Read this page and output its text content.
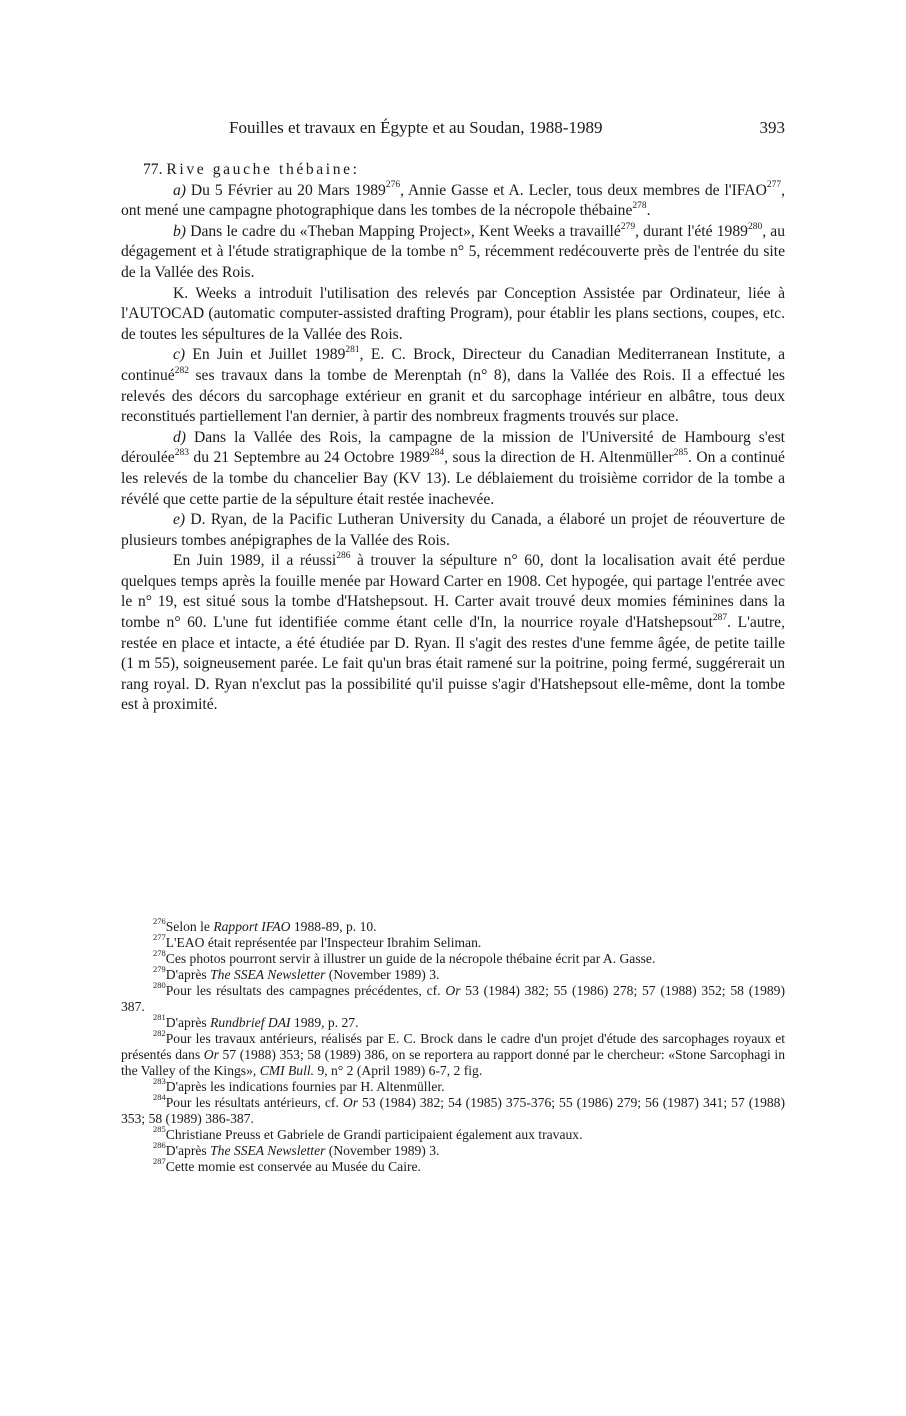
Fouilles et travaux en Égypte et au Soudan, 1988-1989	393

77. Rive gauche thébaine:

a) Du 5 Février au 20 Mars 1989$^{276}$, Annie Gasse et A. Lecler, tous deux membres de l'IFAO$^{277}$, ont mené une campagne photographique dans les tombes de la nécropole thébaine$^{278}$.

b) Dans le cadre du «Theban Mapping Project», Kent Weeks a travaillé$^{279}$, durant l'été 1989$^{280}$, au dégagement et à l'étude stratigraphique de la tombe n° 5, récemment redécouverte près de l'entrée du site de la Vallée des Rois.

K. Weeks a introduit l'utilisation des relevés par Conception Assistée par Ordinateur, liée à l'AUTOCAD (automatic computer-assisted drafting Program), pour établir les plans sections, coupes, etc. de toutes les sépultures de la Vallée des Rois.

c) En Juin et Juillet 1989$^{281}$, E. C. Brock, Directeur du Canadian Mediterranean Institute, a continué$^{282}$ ses travaux dans la tombe de Merenptah (n° 8), dans la Vallée des Rois. Il a effectué les relevés des décors du sarcophage extérieur en granit et du sarcophage intérieur en albâtre, tous deux reconstitués partiellement l'an dernier, à partir des nombreux fragments trouvés sur place.

d) Dans la Vallée des Rois, la campagne de la mission de l'Université de Hambourg s'est déroulée$^{283}$ du 21 Septembre au 24 Octobre 1989$^{284}$, sous la direction de H. Altenmüller$^{285}$. On a continué les relevés de la tombe du chancelier Bay (KV 13). Le déblaiement du troisième corridor de la tombe a révélé que cette partie de la sépulture était restée inachevée.

e) D. Ryan, de la Pacific Lutheran University du Canada, a élaboré un projet de réouverture de plusieurs tombes anépigraphes de la Vallée des Rois.

En Juin 1989, il a réussi$^{286}$ à trouver la sépulture n° 60, dont la localisation avait été perdue quelques temps après la fouille menée par Howard Carter en 1908. Cet hypogée, qui partage l'entrée avec le n° 19, est situé sous la tombe d'Hatshepsout. H. Carter avait trouvé deux momies féminines dans la tombe n° 60. L'une fut identifiée comme étant celle d'In, la nourrice royale d'Hatshepsout$^{287}$. L'autre, restée en place et intacte, a été étudiée par D. Ryan. Il s'agit des restes d'une femme âgée, de petite taille (1 m 55), soigneusement parée. Le fait qu'un bras était ramené sur la poitrine, poing fermé, suggérerait un rang royal. D. Ryan n'exclut pas la possibilité qu'il puisse s'agir d'Hatshepsout elle-même, dont la tombe est à proximité.

$^{276}$Selon le Rapport IFAO 1988-89, p. 10.

$^{277}$L'EAO était représentée par l'Inspecteur Ibrahim Seliman.

$^{278}$Ces photos pourront servir à illustrer un guide de la nécropole thébaine écrit par A. Gasse.

$^{279}$D'après The SSEA Newsletter (November 1989) 3.

$^{280}$Pour les résultats des campagnes précédentes, cf. Or 53 (1984) 382; 55 (1986) 278; 57 (1988) 352; 58 (1989) 387.

$^{281}$D'après Rundbrief DAI 1989, p. 27.

$^{282}$Pour les travaux antérieurs, réalisés par E. C. Brock dans le cadre d'un projet d'étude des sarcophages royaux et présentés dans Or 57 (1988) 353; 58 (1989) 386, on se reportera au rapport donné par le chercheur: «Stone Sarcophagi in the Valley of the Kings», CMI Bull. 9, n° 2 (April 1989) 6-7, 2 fig.

$^{283}$D'après les indications fournies par H. Altenmüller.

$^{284}$Pour les résultats antérieurs, cf. Or 53 (1984) 382; 54 (1985) 375-376; 55 (1986) 279; 56 (1987) 341; 57 (1988) 353; 58 (1989) 386-387.

$^{285}$Christiane Preuss et Gabriele de Grandi participaient également aux travaux.

$^{286}$D'après The SSEA Newsletter (November 1989) 3.

$^{287}$Cette momie est conservée au Musée du Caire.
